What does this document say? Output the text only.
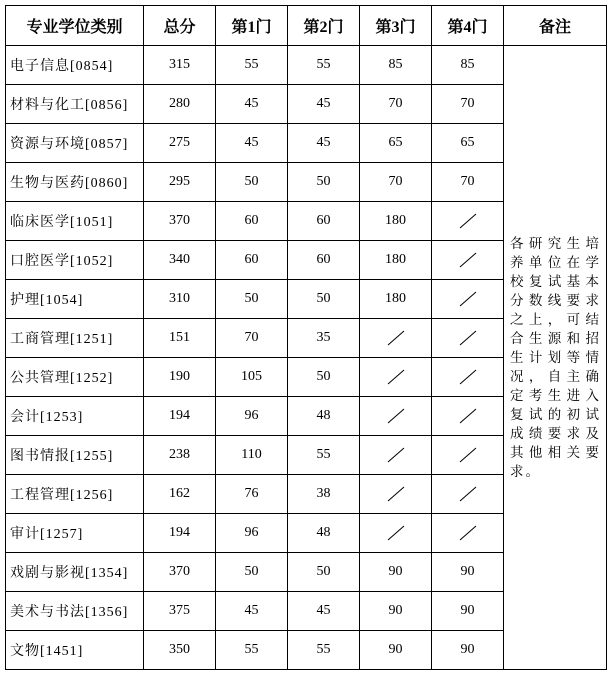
专业学位类别	总分	第1门	第2门	第3门	第4门	备注
电子信息[0854]	315	55	55	85	85	各研究生培养单位在学校复试基本分数线要求之上，可结合生源和招生计划等情况，自主确定考生进入复试的初试成绩要求及其他相关要求。
材料与化工[0856]	280	45	45	70	70	
资源与环境[0857]	275	45	45	65	65	
生物与医药[0860]	295	50	50	70	70	
临床医学[1051]	370	60	60	180	
口腔医学[1052]	340	60	60	180	
护理[1054]	310	50	50	180	
工商管理[1251]	151	70	35		
公共管理[1252]	190	105	50		
会计[1253]	194	96	48		
图书情报[1255]	238	110	55		
工程管理[1256]	162	76	38		
审计[1257]	194	96	48		
戏剧与影视[1354]	370	50	50	90	90	
美术与书法[1356]	375	45	45	90	90	
文物[1451]	350	55	55	90	90	
